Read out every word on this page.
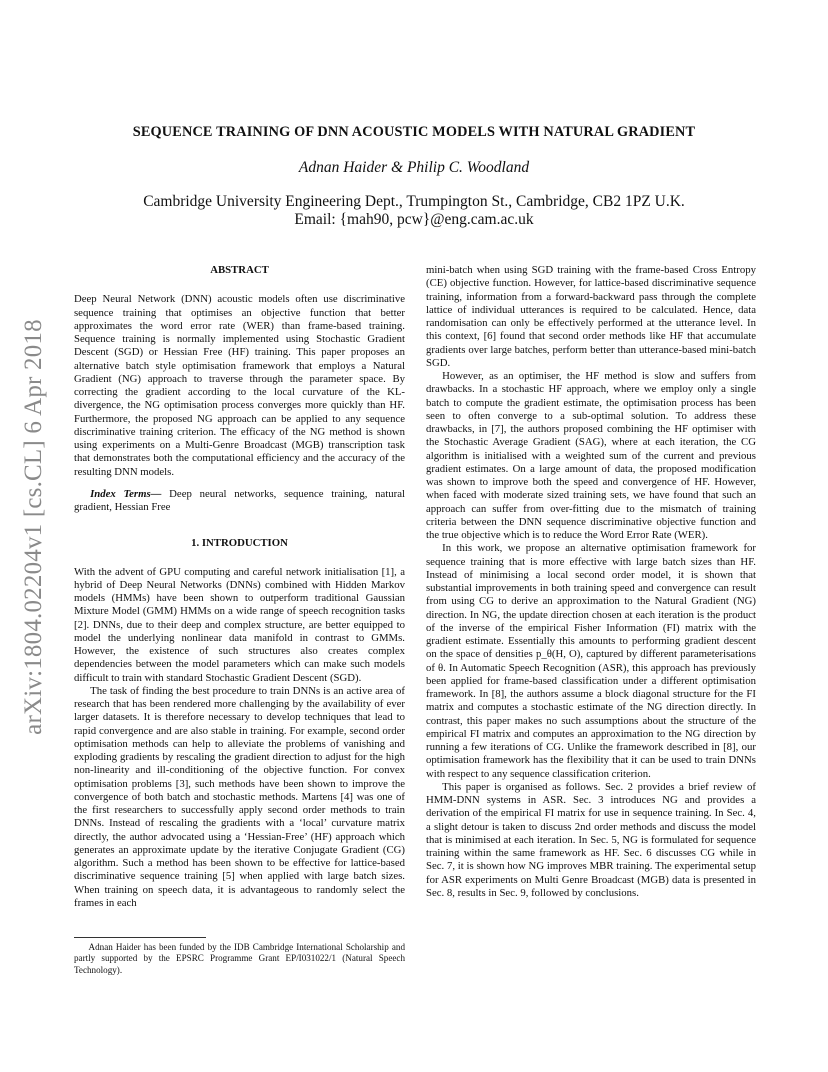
arXiv:1804.02204v1 [cs.CL] 6 Apr 2018
SEQUENCE TRAINING OF DNN ACOUSTIC MODELS WITH NATURAL GRADIENT
Adnan Haider & Philip C. Woodland
Cambridge University Engineering Dept., Trumpington St., Cambridge, CB2 1PZ U.K.
Email: {mah90, pcw}@eng.cam.ac.uk

ABSTRACT

Deep Neural Network (DNN) acoustic models often use discriminative sequence training that optimises an objective function that better approximates the word error rate (WER) than frame-based training. Sequence training is normally implemented using Stochastic Gradient Descent (SGD) or Hessian Free (HF) training. This paper proposes an alternative batch style optimisation framework that employs a Natural Gradient (NG) approach to traverse through the parameter space. By correcting the gradient according to the local curvature of the KL-divergence, the NG optimisation process converges more quickly than HF. Furthermore, the proposed NG approach can be applied to any sequence discriminative training criterion. The efficacy of the NG method is shown using experiments on a Multi-Genre Broadcast (MGB) transcription task that demonstrates both the computational efficiency and the accuracy of the resulting DNN models.

Index Terms— Deep neural networks, sequence training, natural gradient, Hessian Free

1. INTRODUCTION

With the advent of GPU computing and careful network initialisation [1], a hybrid of Deep Neural Networks (DNNs) combined with Hidden Markov models (HMMs) have been shown to outperform traditional Gaussian Mixture Model (GMM) HMMs on a wide range of speech recognition tasks [2]. DNNs, due to their deep and complex structure, are better equipped to model the underlying nonlinear data manifold in contrast to GMMs. However, the existence of such structures also creates complex dependencies between the model parameters which can make such models difficult to train with standard Stochastic Gradient Descent (SGD).

The task of finding the best procedure to train DNNs is an active area of research that has been rendered more challenging by the availability of ever larger datasets. It is therefore necessary to develop techniques that lead to rapid convergence and are also stable in training. For example, second order optimisation methods can help to alleviate the problems of vanishing and exploding gradients by rescaling the gradient direction to adjust for the high non-linearity and ill-conditioning of the objective function. For convex optimisation problems [3], such methods have been shown to improve the convergence of both batch and stochastic methods. Martens [4] was one of the first researchers to successfully apply second order methods to train DNNs. Instead of rescaling the gradients with a ‘local’ curvature matrix directly, the author advocated using a ‘Hessian-Free’ (HF) approach which generates an approximate update by the iterative Conjugate Gradient (CG) algorithm. Such a method has been shown to be effective for lattice-based discriminative sequence training [5] when applied with large batch sizes. When training on speech data, it is advantageous to randomly select the frames in each

mini-batch when using SGD training with the frame-based Cross Entropy (CE) objective function. However, for lattice-based discriminative sequence training, information from a forward-backward pass through the complete lattice of individual utterances is required to be calculated. Hence, data randomisation can only be effectively performed at the utterance level. In this context, [6] found that second order methods like HF that accumulate gradients over large batches, perform better than utterance-based mini-batch SGD.

However, as an optimiser, the HF method is slow and suffers from drawbacks. In a stochastic HF approach, where we employ only a single batch to compute the gradient estimate, the optimisation process has been seen to often converge to a sub-optimal solution. To address these drawbacks, in [7], the authors proposed combining the HF optimiser with the Stochastic Average Gradient (SAG), where at each iteration, the CG algorithm is initialised with a weighted sum of the current and previous gradient estimates. On a large amount of data, the proposed modification was shown to improve both the speed and convergence of HF. However, when faced with moderate sized training sets, we have found that such an approach can suffer from over-fitting due to the mismatch of training criteria between the DNN sequence discriminative objective function and the true objective which is to reduce the Word Error Rate (WER).

In this work, we propose an alternative optimisation framework for sequence training that is more effective with large batch sizes than HF. Instead of minimising a local second order model, it is shown that substantial improvements in both training speed and convergence can result from using CG to derive an approximation to the Natural Gradient (NG) direction. In NG, the update direction chosen at each iteration is the product of the inverse of the empirical Fisher Information (FI) matrix with the gradient estimate. Essentially this amounts to performing gradient descent on the space of densities p_θ(H, O), captured by different parameterisations of θ. In Automatic Speech Recognition (ASR), this approach has previously been applied for frame-based classification under a different optimisation framework. In [8], the authors assume a block diagonal structure for the FI matrix and computes a stochastic estimate of the NG direction directly. In contrast, this paper makes no such assumptions about the structure of the empirical FI matrix and computes an approximation to the NG direction by running a few iterations of CG. Unlike the framework described in [8], our optimisation framework has the flexibility that it can be used to train DNNs with respect to any sequence classification criterion.

This paper is organised as follows. Sec. 2 provides a brief review of HMM-DNN systems in ASR. Sec. 3 introduces NG and provides a derivation of the empirical FI matrix for use in sequence training. In Sec. 4, a slight detour is taken to discuss 2nd order methods and discuss the model that is minimised at each iteration. In Sec. 5, NG is formulated for sequence training within the same framework as HF. Sec. 6 discusses CG while in Sec. 7, it is shown how NG improves MBR training. The experimental setup for ASR experiments on Multi Genre Broadcast (MGB) data is presented in Sec. 8, results in Sec. 9, followed by conclusions.

Adnan Haider has been funded by the IDB Cambridge International Scholarship and partly supported by the EPSRC Programme Grant EP/I031022/1 (Natural Speech Technology).
